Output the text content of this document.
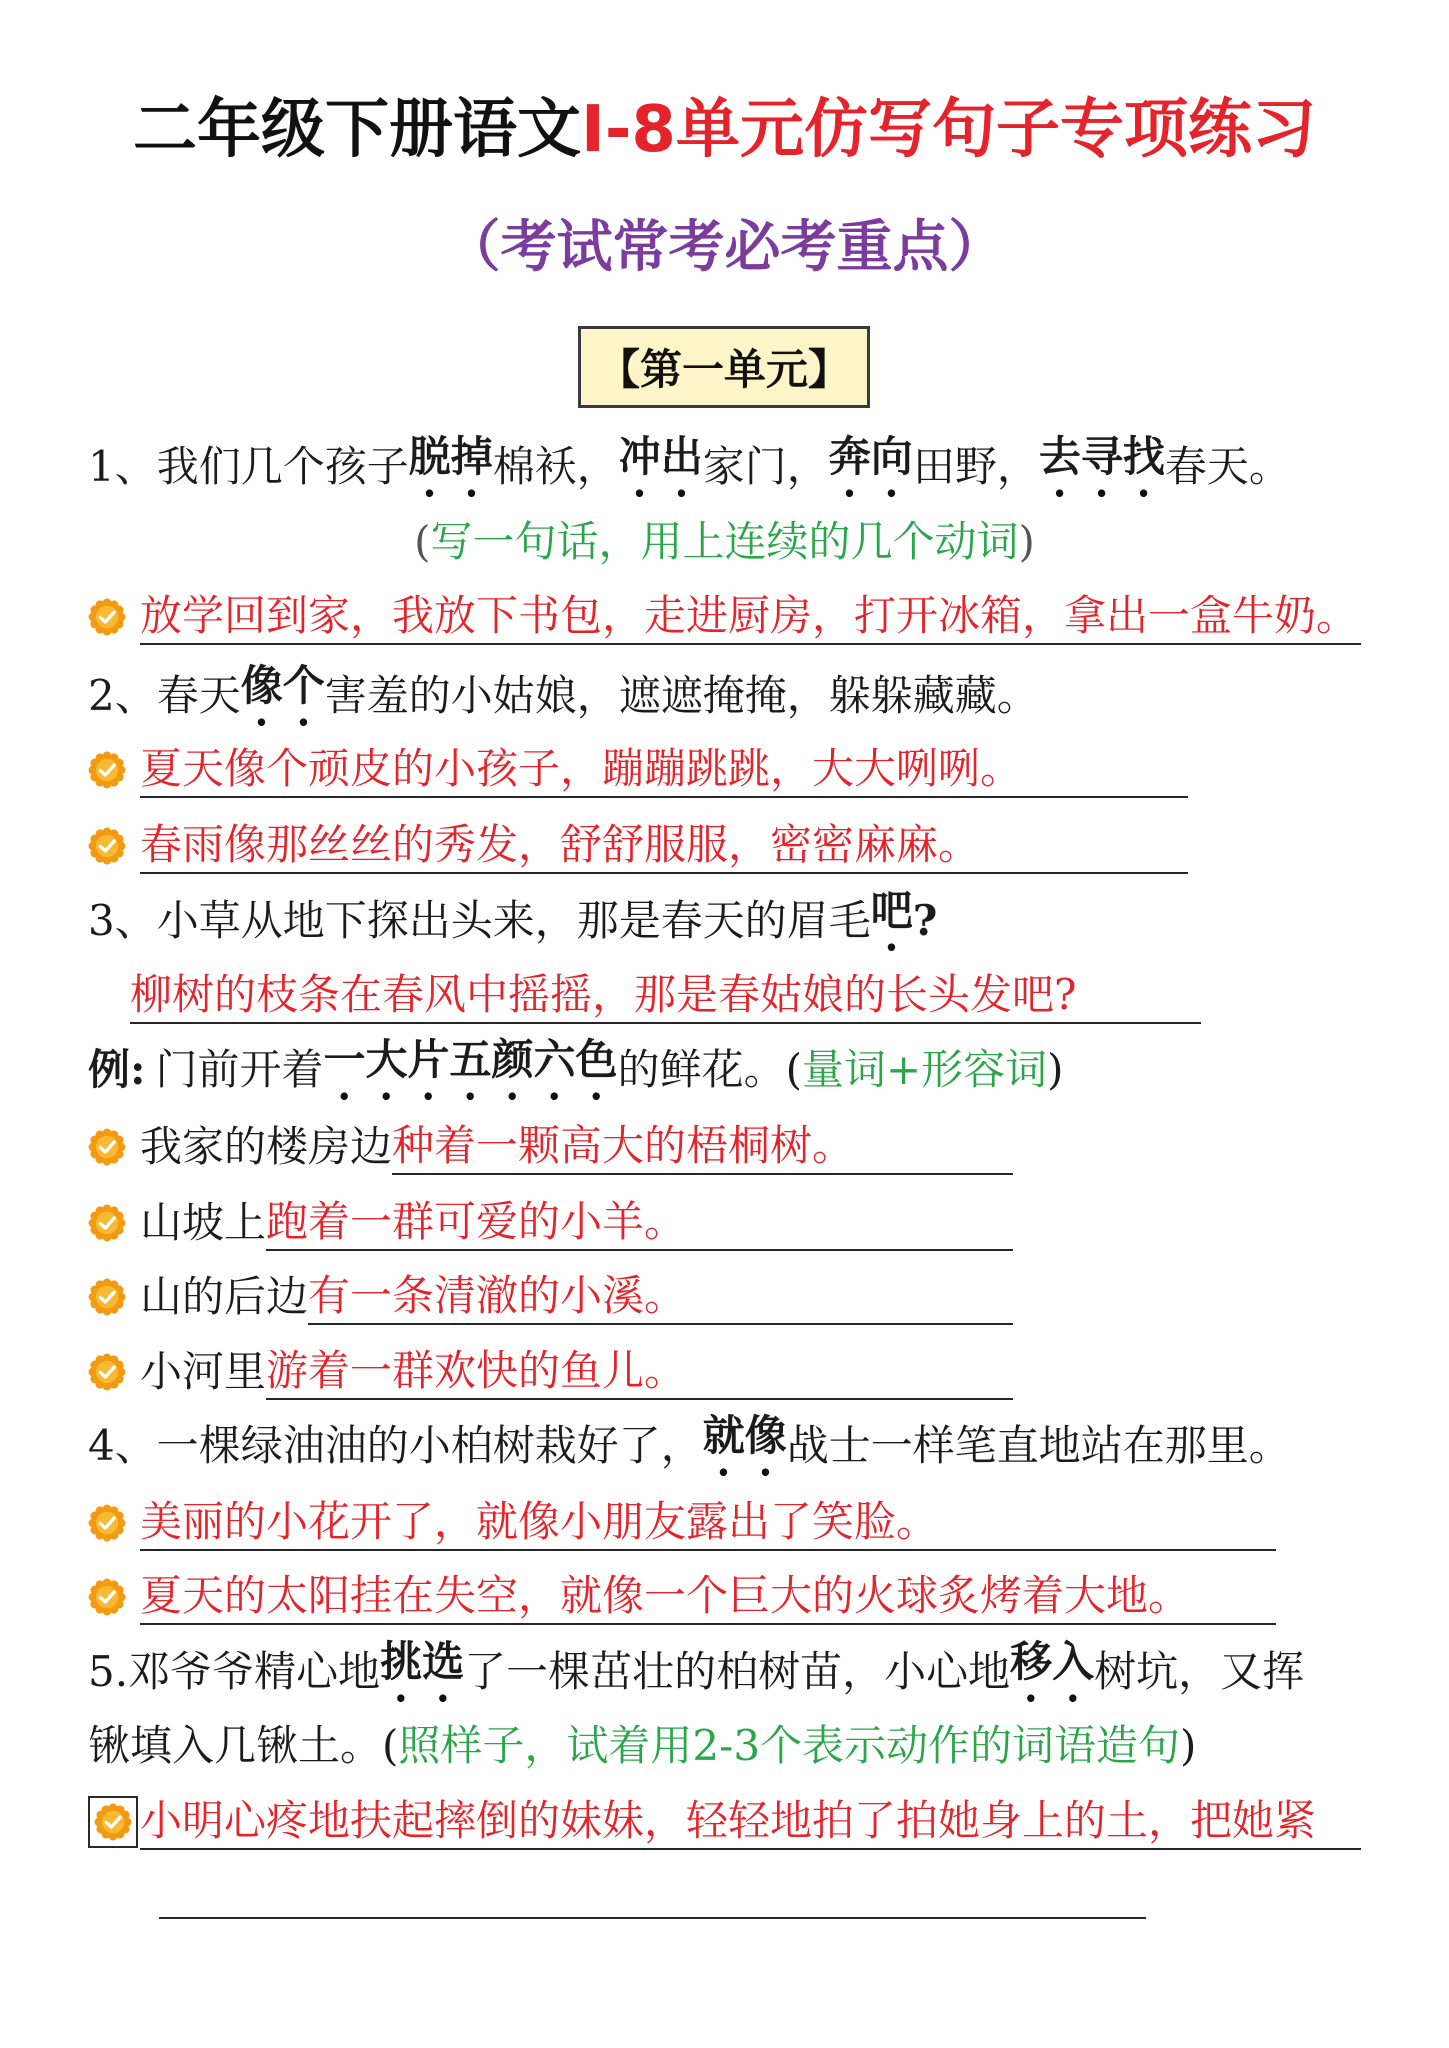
二年级下册语文I-8单元仿写句子专项练习
（考试常考必考重点）
【第一单元】
1、我们几个孩子 脱掉 棉袄， 冲出 家门， 奔向 田野， 去寻找 春天。
( 写一句话，用上连续的几个动词 )
放学回到家，我放下书包，走进厨房，打开冰箱，拿出一盒牛奶。
2、春天 像个 害羞的小姑娘，遮遮掩掩，躲躲藏藏。
夏天像个顽皮的小孩子，蹦蹦跳跳，大大咧咧。
春雨像那丝丝的秀发，舒舒服服，密密麻麻。
3、小草从地下探出头来，那是春天的眉毛 吧 ?
柳树的枝条在春风中摇摇，那是春姑娘的长头发吧?
例: 门前开着 一大片 五颜六色 的鲜花。 ( 量词+形容词 )
我家的楼房边 种着一颗高大的梧桐树。
山坡上 跑着一群可爱的小羊。
山的后边 有一条清澈的小溪。
小河里 游着一群欢快的鱼儿。
4、一棵绿油油的小柏树栽好了， 就像 战士一样笔直地站在那里。
美丽的小花开了，就像小朋友露出了笑脸。
夏天的太阳挂在失空，就像一个巨大的火球炙烤着大地。
5.邓爷爷精心地 挑选 了一棵茁壮的柏树苗，小心地 移入 树坑，又挥
锹填入几锹土。 ( 照样子，试着用2-3个表示动作的词语造句 )
小明心疼地扶起摔倒的妹妹，轻轻地拍了拍她身上的土，把她紧
